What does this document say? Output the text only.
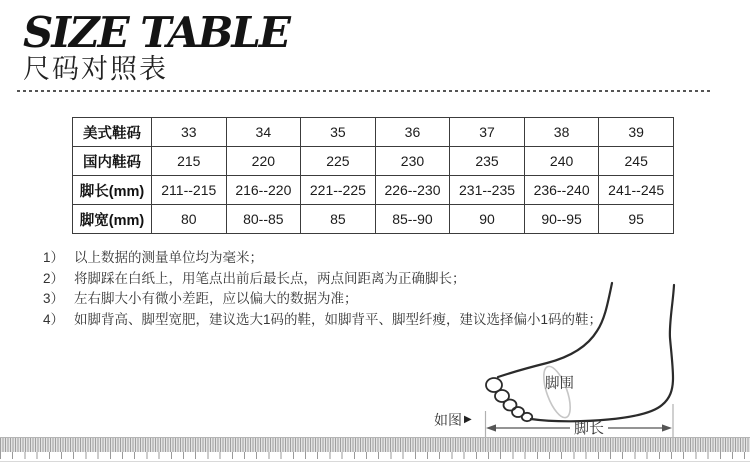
SIZE TABLE
尺码对照表
美式鞋码	33	34	35	36	37	38	39
国内鞋码	215	220	225	230	235	240	245
脚长(mm)	211--215	216--220	221--225	226--230	231--235	236--240	241--245
脚宽(mm)	80	80--85	85	85--90	90	90--95	95
1） 以上数据的测量单位均为毫米；
2） 将脚踩在白纸上，用笔点出前后最长点，两点间距离为正确脚长；
3） 左右脚大小有微小差距，应以偏大的数据为准；
4） 如脚背高、脚型宽肥，建议选大1码的鞋，如脚背平、脚型纤瘦，建议选择偏小1码的鞋；
脚围
脚长
如图 ▶
